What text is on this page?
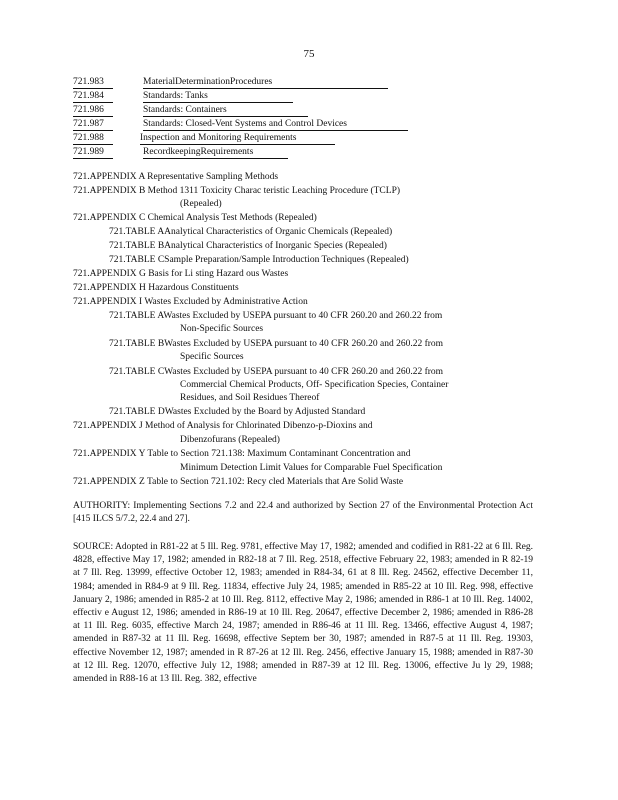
75
721.983	MaterialDeterminationProcedures
721.984	Standards: Tanks
721.986	Standards: Containers
721.987	Standards: Closed-Vent Systems and Control Devices
721.988	Inspection and Monitoring Requirements
721.989	RecordkeepingRequirements
721.APPENDIX A Representative Sampling Methods
721.APPENDIX B Method 1311 Toxicity Charac teristic Leaching Procedure (TCLP)
(Repealed)
721.APPENDIX C Chemical Analysis Test Methods (Repealed)
721.TABLE AAnalytical Characteristics of Organic Chemicals (Repealed)
721.TABLE BAnalytical Characteristics of Inorganic Species (Repealed)
721.TABLE CSample Preparation/Sample Introduction Techniques (Repealed)
721.APPENDIX G Basis for Li sting Hazard ous Wastes
721.APPENDIX H Hazardous Constituents
721.APPENDIX I Wastes Excluded by Administrative Action
721.TABLE AWastes Excluded by USEPA pursuant to 40 CFR 260.20 and 260.22 from
Non-Specific Sources
721.TABLE BWastes Excluded by USEPA pursuant to 40 CFR 260.20 and 260.22 from
Specific Sources
721.TABLE CWastes Excluded by USEPA pursuant to 40 CFR 260.20 and 260.22 from
Commercial Chemical Products, Off- Specification Species, Container
Residues, and Soil Residues Thereof
721.TABLE DWastes Excluded by the Board by Adjusted Standard
721.APPENDIX J Method of Analysis for Chlorinated Dibenzo-p-Dioxins and
Dibenzofurans (Repealed)
721.APPENDIX Y Table to Section 721.138: Maximum Contaminant Concentration and
Minimum Detection Limit Values for Comparable Fuel Specification
721.APPENDIX Z Table to Section 721.102: Recy cled Materials that Are Solid Waste
AUTHORITY: Implementing Sections 7.2 and 22.4 and authorized by Section 27 of the Environmental Protection Act [415 ILCS 5/7.2, 22.4 and 27].
SOURCE: Adopted in R81-22 at 5 Ill. Reg. 9781, effective May 17, 1982; amended and codified in R81-22 at 6 Ill. Reg. 4828, effective May 17, 1982; amended in R82-18 at 7 Ill. Reg. 2518, effective February 22, 1983; amended in R 82-19 at 7 Ill. Reg. 13999, effective October 12, 1983; amended in R84-34, 61 at 8 Ill. Reg. 24562, effective December 11, 1984; amended in R84-9 at 9 Ill. Reg. 11834, effective July 24, 1985; amended in R85-22 at 10 Ill. Reg. 998, effective January 2, 1986; amended in R85-2 at 10 Ill. Reg. 8112, effective May 2, 1986; amended in R86-1 at 10 Ill. Reg. 14002, effectiv e August 12, 1986; amended in R86-19 at 10 Ill. Reg. 20647, effective December 2, 1986; amended in R86-28 at 11 Ill. Reg. 6035, effective March 24, 1987; amended in R86-46 at 11 Ill. Reg. 13466, effective August 4, 1987; amended in R87-32 at 11 Ill. Reg. 16698, effective Septem ber 30, 1987; amended in R87-5 at 11 Ill. Reg. 19303, effective November 12, 1987; amended in R 87-26 at 12 Ill. Reg. 2456, effective January 15, 1988; amended in R87-30 at 12 Ill. Reg. 12070, effective July 12, 1988; amended in R87-39 at 12 Ill. Reg. 13006, effective Ju ly 29, 1988; amended in R88-16 at 13 Ill. Reg. 382, effective
